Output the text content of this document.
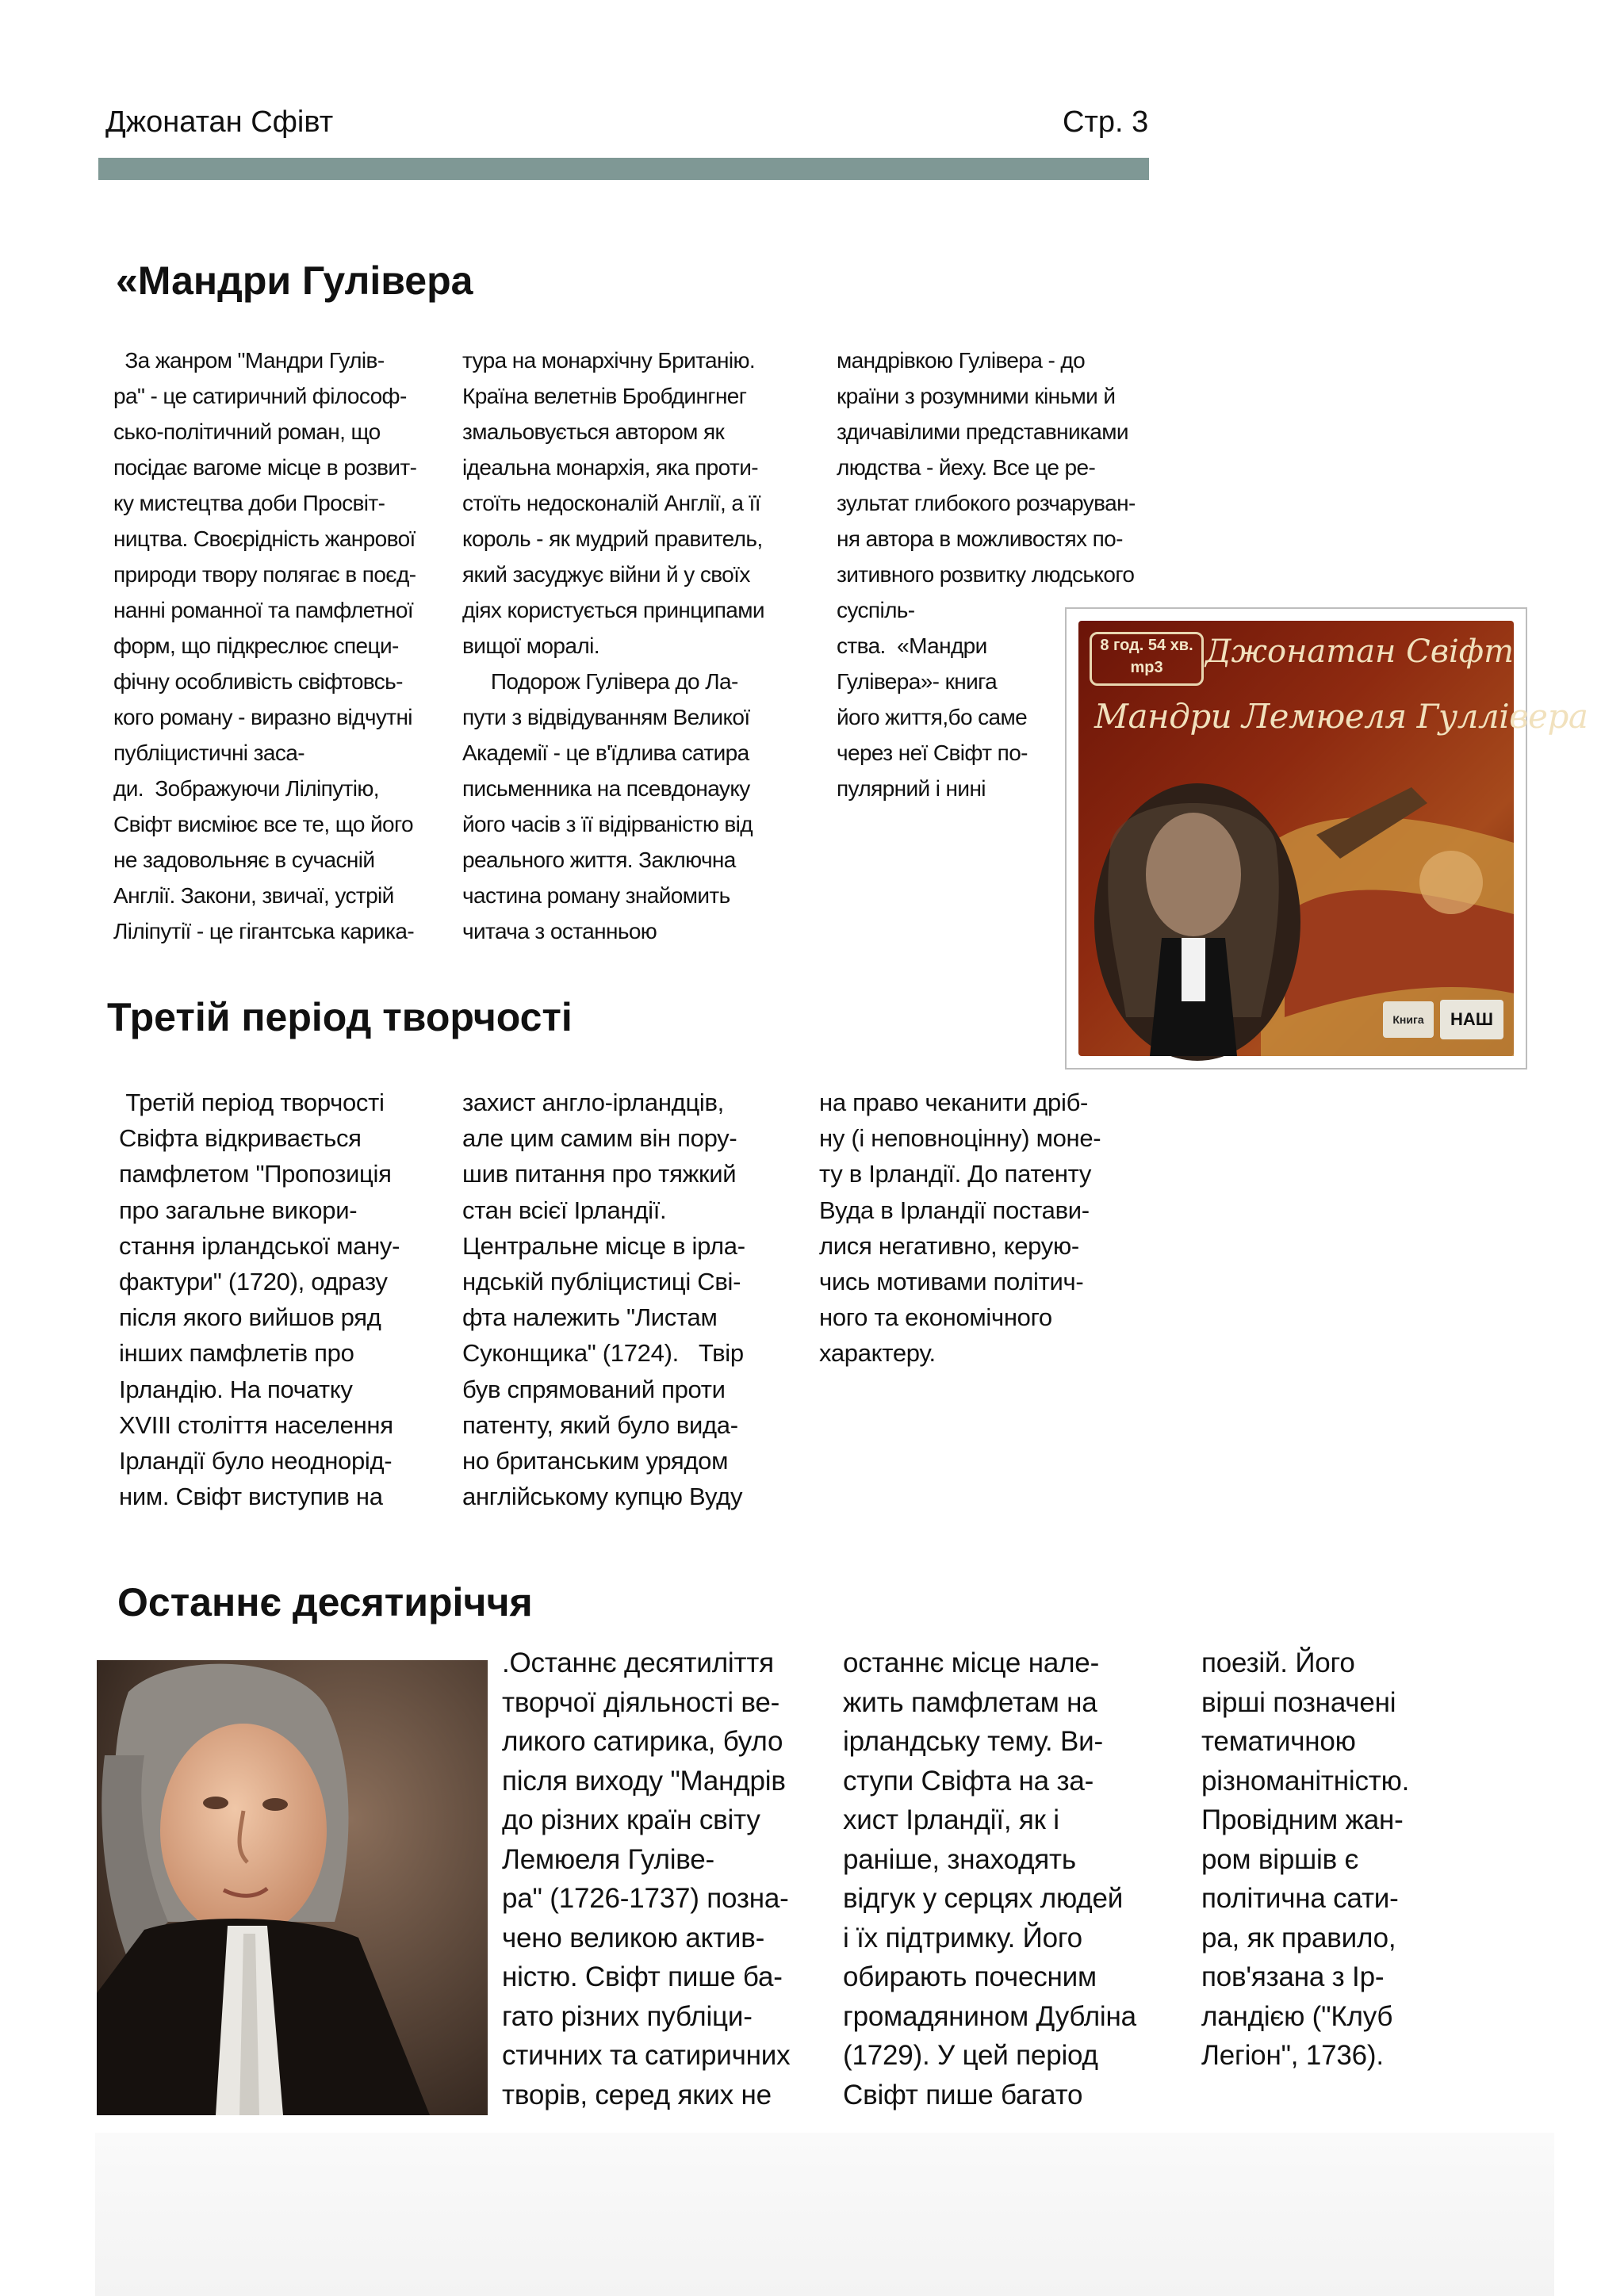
Джонатан Сфівт	Стр. 3
«Мандри Гулівера
За жанром "Мандри Гулів-
ра" - це сатиричний філософ-
сько-політичний роман, що
посідає вагоме місце в розвит-
ку мистецтва доби Просвіт-
ництва. Своєрідність жанрової
природи твору полягає в поєд-
нанні романної та памфлетної
форм, що підкреслює специ-
фічну особливість свіфтовсь-
кого роману - виразно відчутні
публіцистичні заса-
ди.  Зображуючи Ліліпутію,
Свіфт висміює все те, що його
не задовольняє в сучасній
Англії. Закони, звичаї, устрій
Ліліпутії - це гігантська карика-
тура на монархічну Британію.
Країна велетнів Бробдингнег
змальовується автором як
ідеальна монархія, яка проти-
стоїть недосконалій Англії, а її
король - як мудрий правитель,
який засуджує війни й у своїх
діях користується принципами
вищої моралі.
Подорож Гулівера до Ла-
пути з відвідуванням Великої
Академії - це в'їдлива сатира
письменника на псевдонауку
його часів з її відірваністю від
реального життя. Заключна
частина роману знайомить
читача з останньою
мандрівкою Гулівера - до
країни з розумними кіньми й
здичавілими представниками
людства - йеху. Все це ре-
зультат глибокого розчаруван-
ня автора в можливостях по-
зитивного розвитку людського
суспіль-
ства.  «Мандри
Гулівера»- книга
його життя,бо саме
через неї Свіфт по-
пулярний і нині
8 год. 54 хв.
mp3	Джонатан Свіфт
Мандри Лемюеля Гуллівера
Книга	НАШ
Третій період творчості
Третій період творчості
Свіфта відкривається
памфлетом "Пропозиція
про загальне викори-
стання ірландської ману-
фактури" (1720), одразу
після якого вийшов ряд
інших памфлетів про
Ірландію. На початку
XVIII століття населення
Ірландії було неоднорід-
ним. Свіфт виступив на
захист англо-ірландців,
але цим самим він пору-
шив питання про тяжкий
стан всієї Ірландії.
Центральне місце в ірла-
ндській публіцистиці Сві-
фта належить "Листам
Суконщика" (1724).   Твір
був спрямований проти
патенту, який було вида-
но британським урядом
англійському купцю Вуду
на право чеканити дріб-
ну (і неповноцінну) моне-
ту в Ірландії. До патенту
Вуда в Ірландії постави-
лися негативно, керую-
чись мотивами політич-
ного та економічного
характеру.
Останнє десятиріччя
.Останнє десятиліття
творчої діяльності ве-
ликого сатирика, було
після виходу "Мандрів
до різних країн світу
Лемюеля Гуліве-
ра" (1726-1737) позна-
чено великою актив-
ністю. Свіфт пише ба-
гато різних публіци-
стичних та сатиричних
творів, серед яких не
останнє місце нале-
жить памфлетам на
ірландську тему. Ви-
ступи Свіфта на за-
хист Ірландії, як і
раніше, знаходять
відгук у серцях людей
і їх підтримку. Його
обирають почесним
громадянином Дубліна
(1729). У цей період
Свіфт пише багато
поезій. Його
вірші позначені
тематичною
різноманітністю.
Провідним жан-
ром віршів є
політична сати-
ра, як правило,
пов'язана з Ір-
ландією ("Клуб
Легіон", 1736).
